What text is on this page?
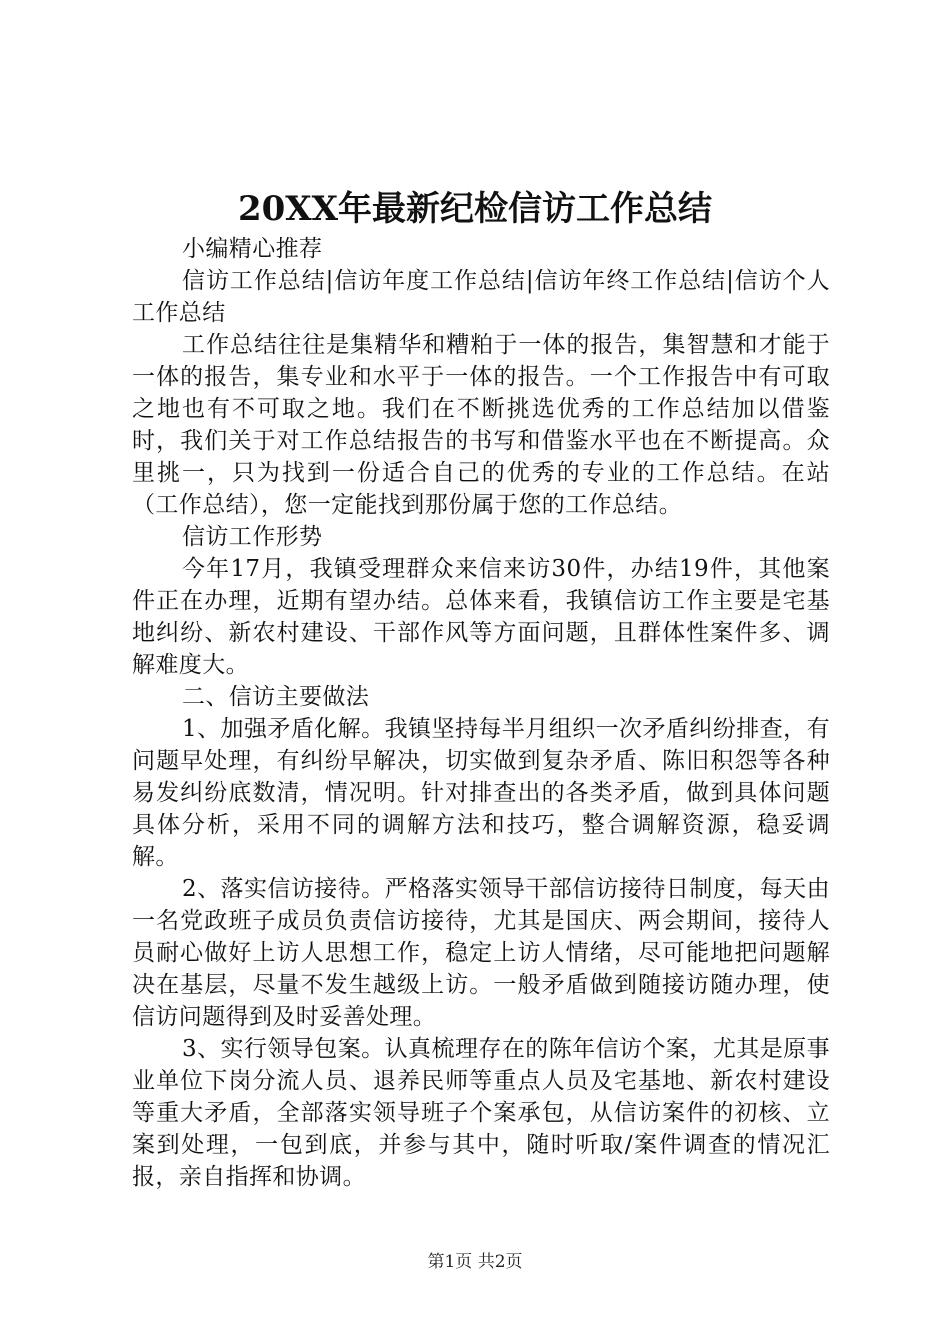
20XX年最新纪检信访工作总结

小编精心推荐

信访工作总结|信访年度工作总结|信访年终工作总结|信访个人工作总结

工作总结往往是集精华和糟粕于一体的报告，集智慧和才能于一体的报告，集专业和水平于一体的报告。一个工作报告中有可取之地也有不可取之地。我们在不断挑选优秀的工作总结加以借鉴时，我们关于对工作总结报告的书写和借鉴水平也在不断提高。众里挑一，只为找到一份适合自己的优秀的专业的工作总结。在站（工作总结），您一定能找到那份属于您的工作总结。

信访工作形势

今年17月，我镇受理群众来信来访30件，办结19件，其他案件正在办理，近期有望办结。总体来看，我镇信访工作主要是宅基地纠纷、新农村建设、干部作风等方面问题，且群体性案件多、调解难度大。

二、信访主要做法

1、加强矛盾化解。我镇坚持每半月组织一次矛盾纠纷排查，有问题早处理，有纠纷早解决，切实做到复杂矛盾、陈旧积怨等各种易发纠纷底数清，情况明。针对排查出的各类矛盾，做到具体问题具体分析，采用不同的调解方法和技巧，整合调解资源，稳妥调解。

2、落实信访接待。严格落实领导干部信访接待日制度，每天由一名党政班子成员负责信访接待，尤其是国庆、两会期间，接待人员耐心做好上访人思想工作，稳定上访人情绪，尽可能地把问题解决在基层，尽量不发生越级上访。一般矛盾做到随接访随办理，使信访问题得到及时妥善处理。

3、实行领导包案。认真梳理存在的陈年信访个案，尤其是原事业单位下岗分流人员、退养民师等重点人员及宅基地、新农村建设等重大矛盾，全部落实领导班子个案承包，从信访案件的初核、立案到处理，一包到底，并参与其中，随时听取/案件调查的情况汇报，亲自指挥和协调。

第1页 共2页
